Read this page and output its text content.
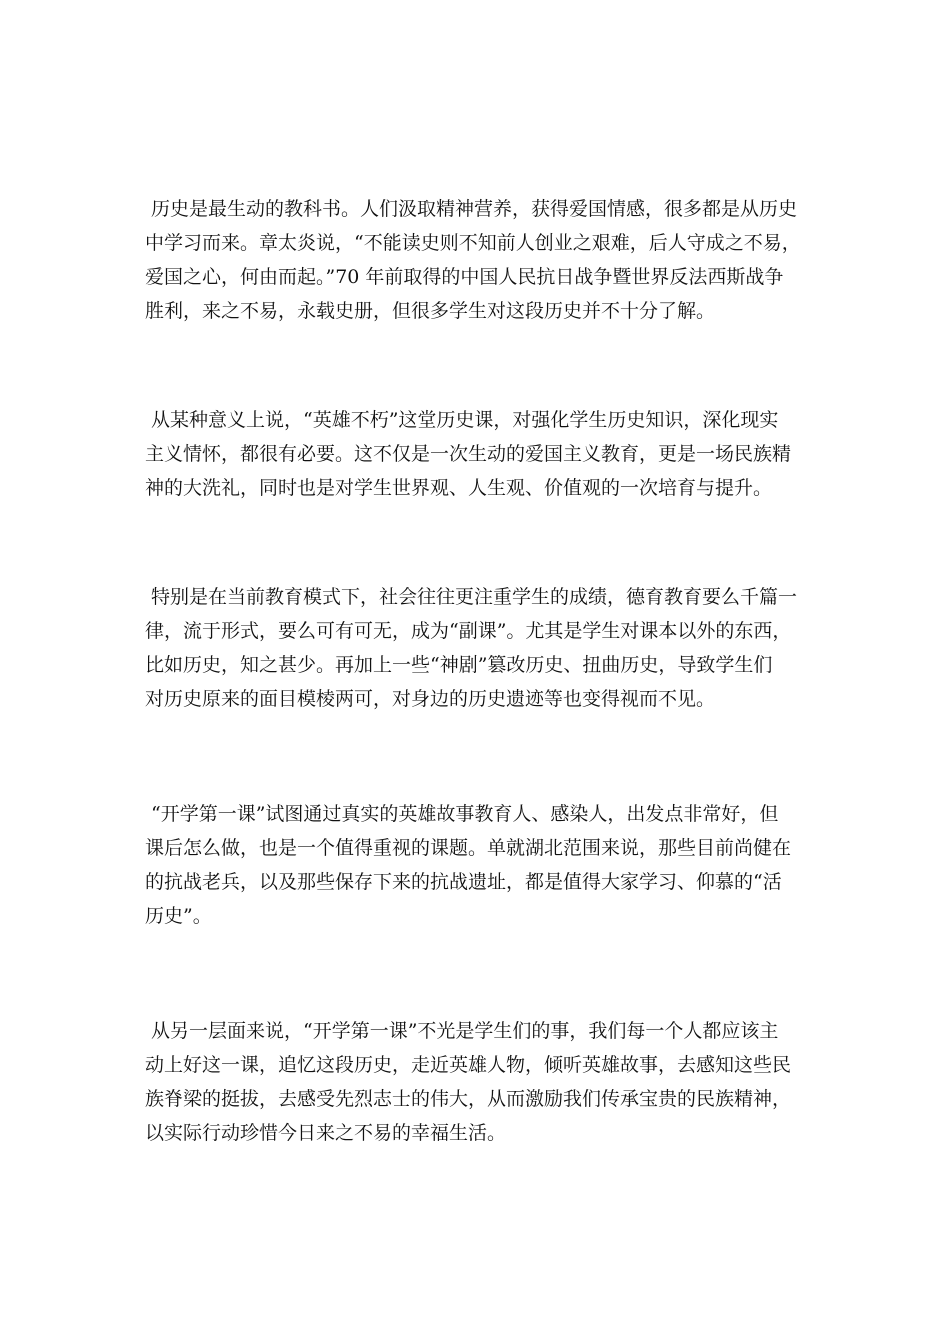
历史是最生动的教科书。人们汲取精神营养，获得爱国情感，很多都是从历史
中学习而来。章太炎说，“不能读史则不知前人创业之艰难，后人守成之不易，
爱国之心，何由而起。”70 年前取得的中国人民抗日战争暨世界反法西斯战争
胜利，来之不易，永载史册，但很多学生对这段历史并不十分了解。
从某种意义上说，“英雄不朽”这堂历史课，对强化学生历史知识，深化现实
主义情怀，都很有必要。这不仅是一次生动的爱国主义教育，更是一场民族精
神的大洗礼，同时也是对学生世界观、人生观、价值观的一次培育与提升。
特别是在当前教育模式下，社会往往更注重学生的成绩，德育教育要么千篇一
律，流于形式，要么可有可无，成为“副课”。尤其是学生对课本以外的东西，
比如历史，知之甚少。再加上一些“神剧”篡改历史、扭曲历史，导致学生们
对历史原来的面目模棱两可，对身边的历史遗迹等也变得视而不见。
“开学第一课”试图通过真实的英雄故事教育人、感染人，出发点非常好，但
课后怎么做，也是一个值得重视的课题。单就湖北范围来说，那些目前尚健在
的抗战老兵，以及那些保存下来的抗战遗址，都是值得大家学习、仰慕的“活
历史”。
从另一层面来说，“开学第一课”不光是学生们的事，我们每一个人都应该主
动上好这一课，追忆这段历史，走近英雄人物，倾听英雄故事，去感知这些民
族脊梁的挺拔，去感受先烈志士的伟大，从而激励我们传承宝贵的民族精神，
以实际行动珍惜今日来之不易的幸福生活。
